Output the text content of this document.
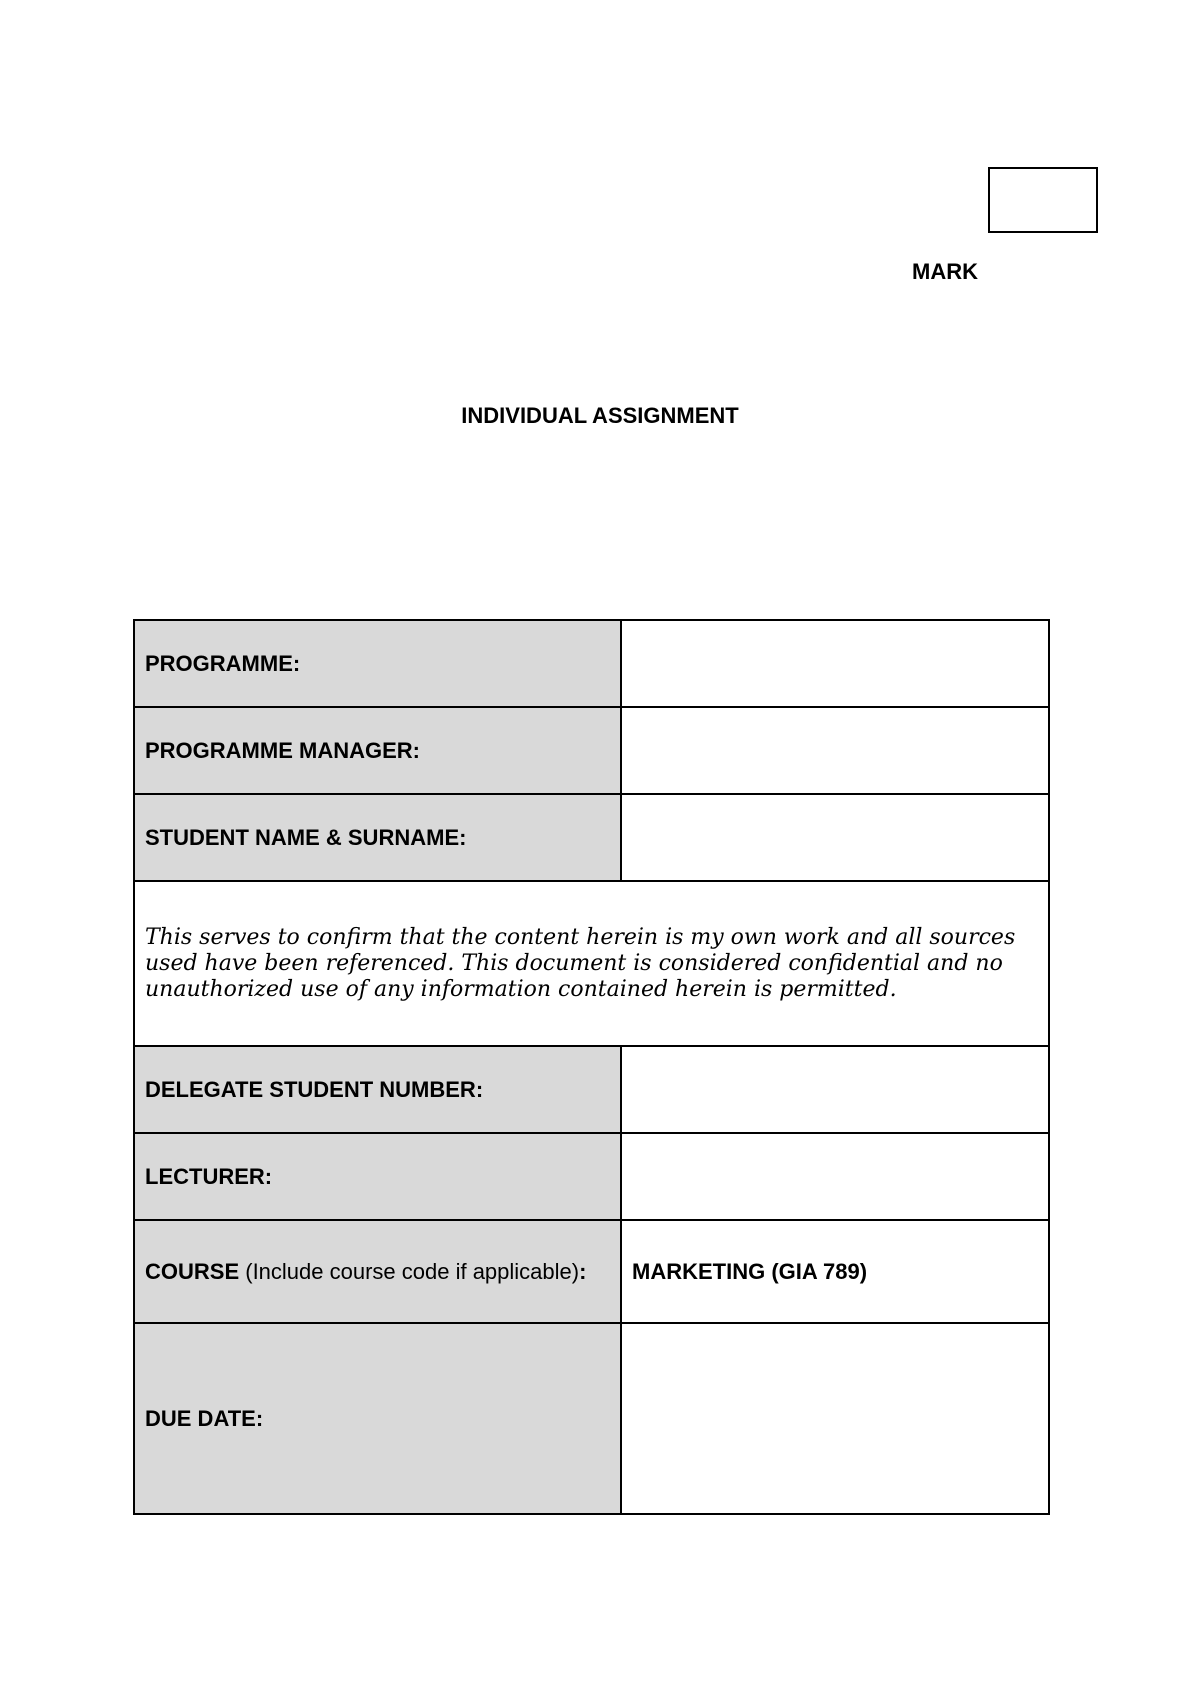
MARK
INDIVIDUAL ASSIGNMENT
PROGRAMME:	
PROGRAMME MANAGER:	
STUDENT NAME & SURNAME:	
This serves to confirm that the content herein is my own work and all sources used have been referenced. This document is considered confidential and no unauthorized use of any information contained herein is permitted.	
DELEGATE STUDENT NUMBER:	
LECTURER:	
COURSE (Include course code if applicable):	MARKETING (GIA 789)
DUE DATE:	
